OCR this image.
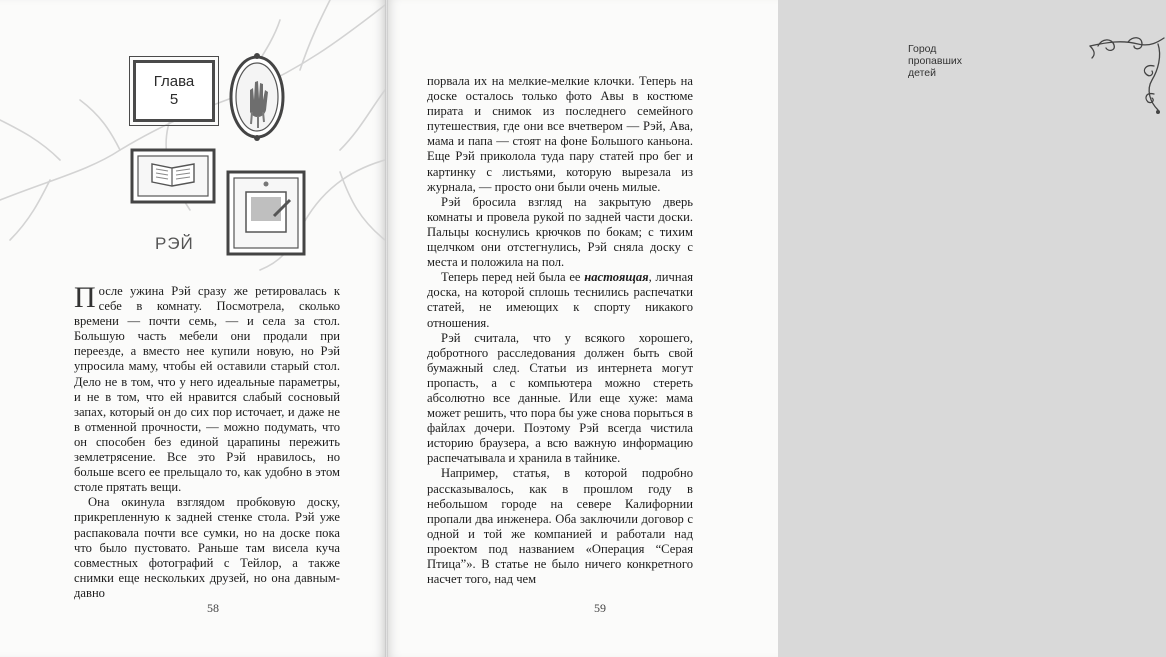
Глава
5
РЭЙ

После ужина Рэй сразу же ретировалась к себе в комнату. Посмотрела, сколько времени — почти семь, — и села за стол. Большую часть мебели они продали при переезде, а вместо нее купили новую, но Рэй упросила маму, чтобы ей оставили старый стол. Дело не в том, что у него идеальные параметры, и не в том, что ей нравится слабый сосновый запах, который он до сих пор источает, и даже не в отменной прочности, — можно подумать, что он способен без единой царапины пережить землетрясение. Все это Рэй нравилось, но больше всего ее прельщало то, как удобно в этом столе прятать вещи.

Она окинула взглядом пробковую доску, прикрепленную к задней стенке стола. Рэй уже распаковала почти все сумки, но на доске пока что было пустовато. Раньше там висела куча совместных фотографий с Тейлор, а также снимки еще нескольких друзей, но она давным-давно

58
Город пропавших детей

порвала их на мелкие-мелкие клочки. Теперь на доске осталось только фото Авы в костюме пирата и снимок из последнего семейного путешествия, где они все вчетвером — Рэй, Ава, мама и папа — стоят на фоне Большого каньона. Еще Рэй приколола туда пару статей про бег и картинку с листьями, которую вырезала из журнала, — просто они были очень милые.

Рэй бросила взгляд на закрытую дверь комнаты и провела рукой по задней части доски. Пальцы коснулись крючков по бокам; с тихим щелчком они отстегнулись, Рэй сняла доску с места и положила на пол.

Теперь перед ней была ее настоящая, личная доска, на которой сплошь теснились распечатки статей, не имеющих к спорту никакого отношения.

Рэй считала, что у всякого хорошего, добротного расследования должен быть свой бумажный след. Статьи из интернета могут пропасть, а с компьютера можно стереть абсолютно все данные. Или еще хуже: мама может решить, что пора бы уже снова порыться в файлах дочери. Поэтому Рэй всегда чистила историю браузера, а всю важную информацию распечатывала и хранила в тайнике.

Например, статья, в которой подробно рассказывалось, как в прошлом году в небольшом городе на севере Калифорнии пропали два инженера. Оба заключили договор с одной и той же компанией и работали над проектом под названием «Операция “Серая Птица”». В статье не было ничего конкретного насчет того, над чем

59
